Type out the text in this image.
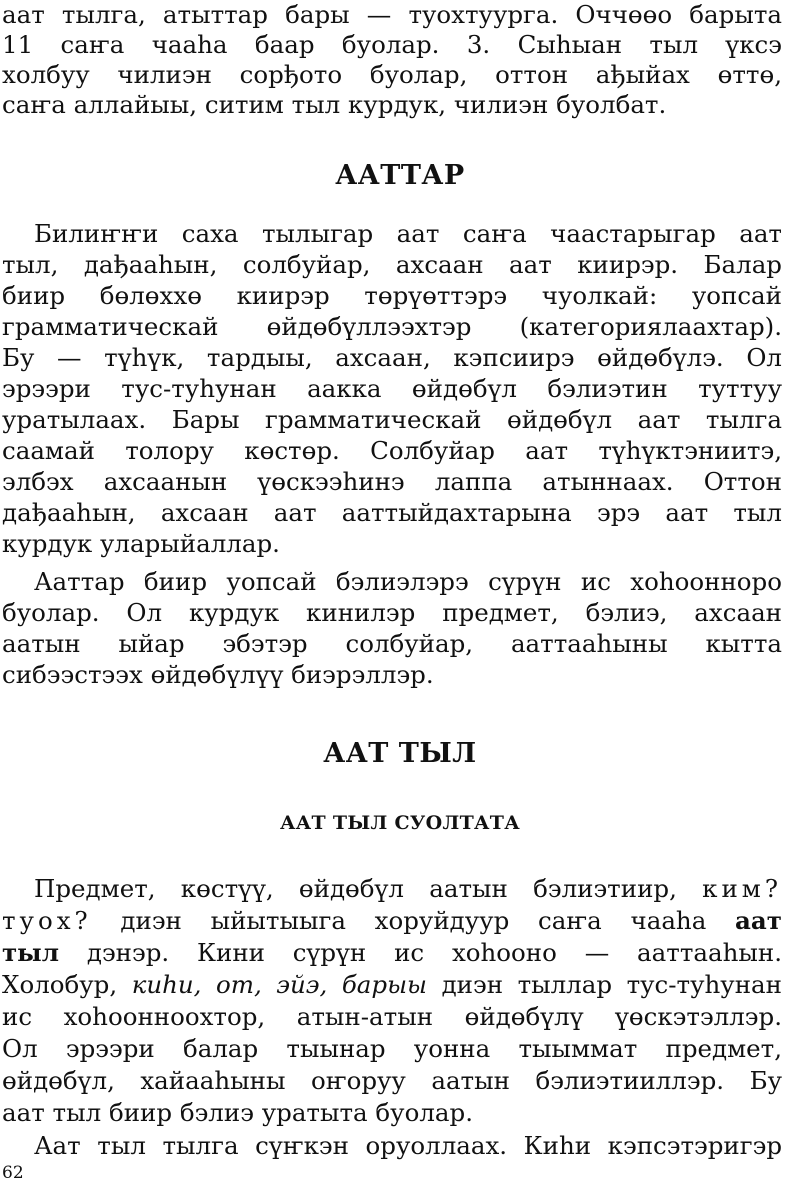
аат тылга, атыттар бары — туохтуурга. Оччөөо барыта
11 саҥа чааhа баар буолар. 3. Сыhыан тыл үксэ
холбуу чилиэн сорђото буолар, оттон ађыйах өттө,
саҥа аллайыы, ситим тыл курдук, чилиэн буолбат.
ААТТАР
Билиҥҥи саха тылыгар аат саҥа чаастарыгар аат
тыл, дађааhын, солбуйар, ахсаан аат киирэр. Балар
биир бөлөххө киирэр төрүөттэрэ чуолкай: уопсай
грамматическай өйдөбүллээхтэр (категориялаахтар).
Бу — түhүк, тардыы, ахсаан, кэпсиирэ өйдөбүлэ. Ол
эрээри тус-туhунан аакка өйдөбүл бэлиэтин туттуу
уратылаах. Бары грамматическай өйдөбүл аат тылга
саамай толору көстөр. Солбуйар аат түhүктэниитэ,
элбэх ахсаанын үөскээhинэ лаппа атыннаах. Оттон
дађааhын, ахсаан аат ааттыйдахтарына эрэ аат тыл
курдук уларыйаллар.
Ааттар биир уопсай бэлиэлэрэ сүрүн ис хоhоонноро
буолар. Ол курдук кинилэр предмет, бэлиэ, ахсаан
аатын ыйар эбэтэр солбуйар, ааттааhыны кытта
сибээстээх өйдөбүлүү биэрэллэр.
ААТ ТЫЛ
ААТ ТЫЛ СУОЛТАТА
Предмет, көстүү, өйдөбүл аатын бэлиэтиир, ким?
туох? диэн ыйытыыга хоруйдуур саҥа чааhа аат
тыл дэнэр. Кини сүрүн ис хоhооно — ааттааhын.
Холобур, киhи, от, эйэ, барыы диэн тыллар тус-туhунан
ис хоhоонноохтор, атын-атын өйдөбүлү үөскэтэллэр.
Ол эрээри балар тыынар уонна тыыммат предмет,
өйдөбүл, хайааhыны оҥоруу аатын бэлиэтииллэр. Бу
аат тыл биир бэлиэ уратыта буолар.
Аат тыл тылга сүҥкэн оруоллаах. Киhи кэпсэтэригэр
62
